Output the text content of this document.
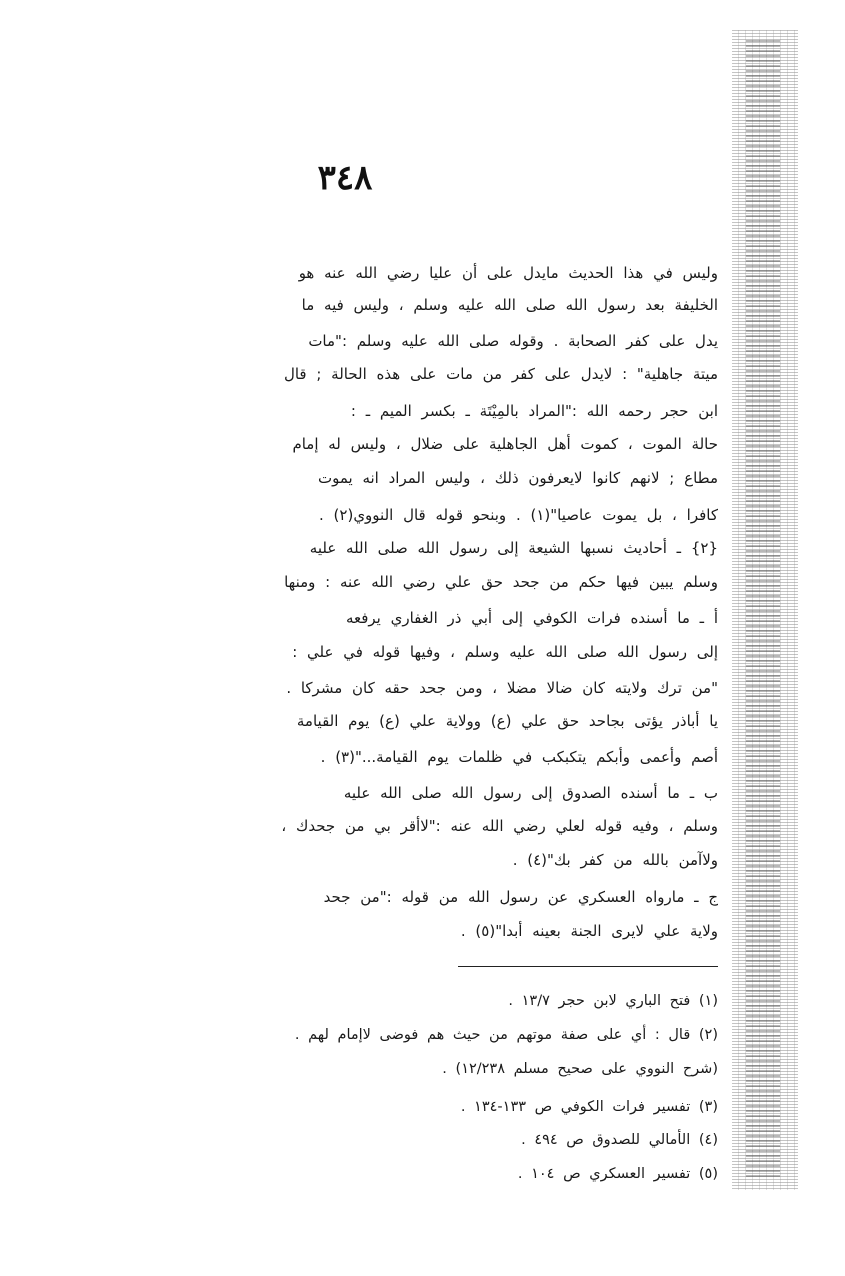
٣٤٨
وليس في هذا الحديث مايدل على أن عليا رضي الله عنه هو
الخليفة بعد رسول الله صلى الله عليه وسلم ، وليس فيه ما
يدل على كفر الصحابة . وقوله صلى الله عليه وسلم :"مات
ميتة جاهلية" : لايدل على كفر من مات على هذه الحالة ; قال
ابن حجر رحمه الله :"المراد بالمِيْتَة ـ بكسر الميم ـ :
حالة الموت ، كموت أهل الجاهلية على ضلال ، وليس له إمام
مطاع ; لانهم كانوا لايعرفون ذلك ، وليس المراد انه يموت
كافرا ، بل يموت عاصيا"(١) . وبنحو قوله قال النووي(٢) .
{٢} ـ أحاديث نسبها الشيعة إلى رسول الله صلى الله عليه
وسلم يبين فيها حكم من جحد حق علي رضي الله عنه : ومنها
أ ـ ما أسنده فرات الكوفي إلى أبي ذر الغفاري يرفعه
إلى رسول الله صلى الله عليه وسلم ، وفيها قوله في علي :
"من ترك ولايته كان ضالا مضلا ، ومن جحد حقه كان مشركا .
يا أباذر يؤتى بجاحد حق علي (ع) وولاية علي (ع) يوم القيامة
أصم وأعمى وأبكم يتكبكب في ظلمات يوم القيامة..."(٣) .
ب ـ ما أسنده الصدوق إلى رسول الله صلى الله عليه
وسلم ، وفيه قوله لعلي رضي الله عنه :"لاأقر بي من جحدك ،
ولاآمن بالله من كفر بك"(٤) .
ج ـ مارواه العسكري عن رسول الله من قوله :"من جحد
ولاية علي لايرى الجنة بعينه أبدا"(٥) .
(١) فتح الباري لابن حجر ١٣/٧ .
(٢) قال : أي على صفة موتهم من حيث هم فوضى لاإمام لهم .
(شرح النووي على صحيح مسلم ١٢/٢٣٨) .
(٣) تفسير فرات الكوفي ص ١٣٣-١٣٤ .
(٤) الأمالي للصدوق ص ٤٩٤ .
(٥) تفسير العسكري ص ١٠٤ .
